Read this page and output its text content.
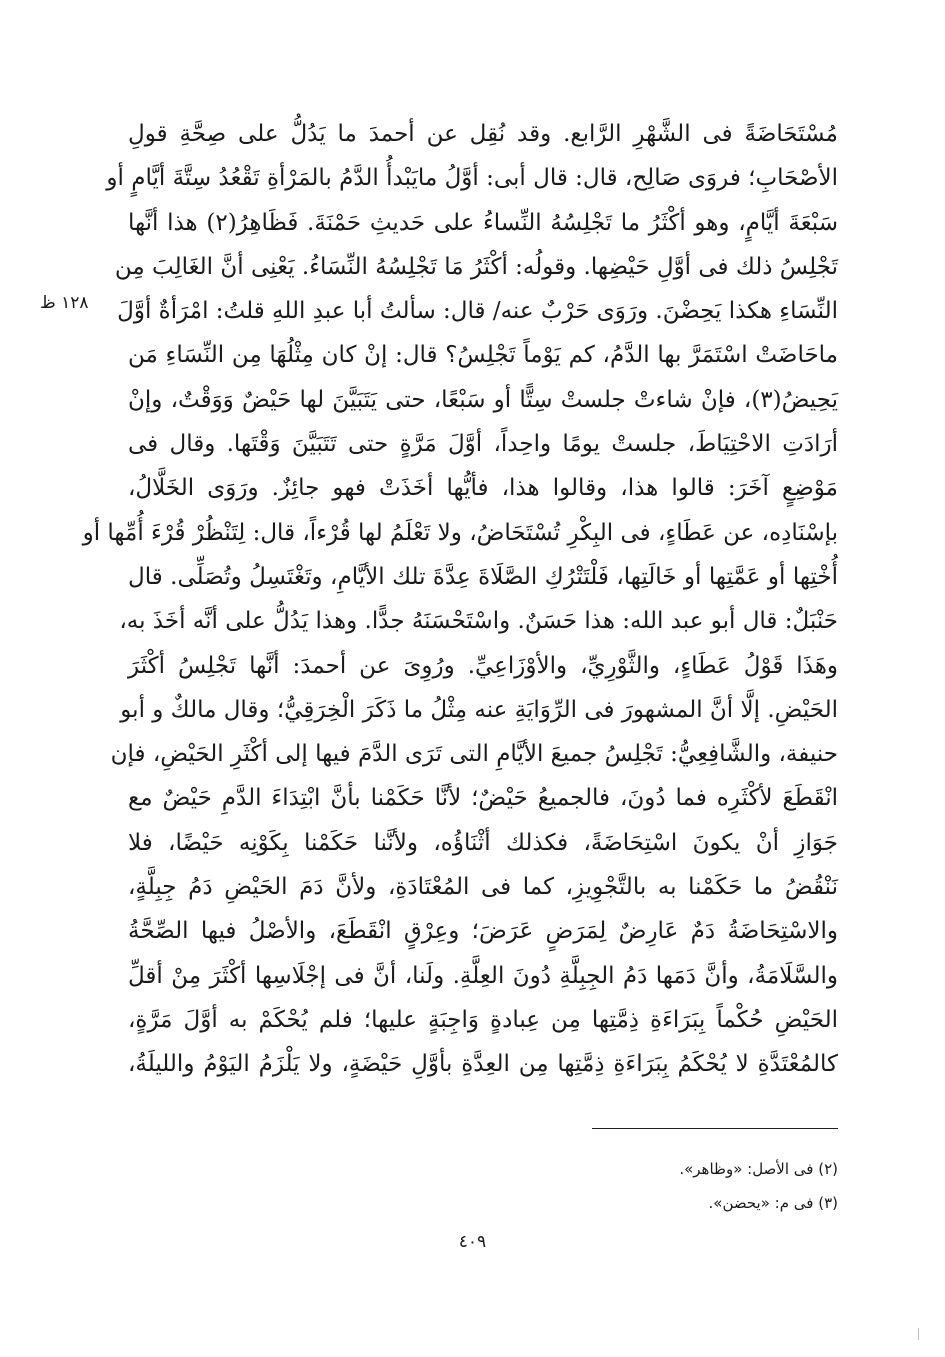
مُسْتَحَاضَةً فى الشَّهْرِ الرَّابع. وقد نُقِل عن أحمدَ ما يَدُلُّ على صِحَّةِ قولِ
الأصْحَابِ؛ فروَى صَالِح، قال: قال أبى: أوَّلُ مايَبْدأُ الدَّمُ بالمَرْأةِ تَقْعُدُ سِتَّةَ أيَّامٍ أو
سَبْعَةَ أيَّامٍ، وهو أكْثَرُ ما تَجْلِسُهُ النِّساءُ على حَديثِ حَمْنَةَ. فَظَاهِرُ(٢) هذا أنَّها
تَجْلِسُ ذلك فى أوَّلِ حَيْضِها. وقولُه: أكْثَرُ مَا تَجْلِسُهُ النِّسَاءُ. يَعْنِى أنَّ الغَالِبَ مِن
النِّسَاءِ هكذا يَحِضْنَ. ورَوَى حَرْبٌ عنه/ قال: سألتُ أبا عبدِ اللهِ قلتُ: امْرَأةٌ أوَّلَ
ماحَاضَتْ اسْتَمَرَّ بها الدَّمُ، كم يَوْماً تَجْلِسُ؟ قال: إنْ كان مِثْلُهَا مِن النِّسَاءِ مَن
يَحِيضُ(٣)، فإنْ شاءتْ جلستْ سِتًّا أو سَبْعًا، حتى يَتَبَيَّنَ لها حَيْضٌ وَوَقْتٌ، وإنْ
أرَادَتِ الاحْتِيَاطَ، جلستْ يومًا واحِداً، أوَّلَ مَرَّةٍ حتى تَتَبَيَّنَ وَقْتَها. وقال فى
مَوْضِعٍ آخَرَ: قالوا هذا، وقالوا هذا، فأيُّها أخَذَتْ فهو جائِزٌ. ورَوَى الخَلَّالُ،
بإسْنَادِه، عن عَطَاءٍ، فى البِكْرِ تُسْتَحَاضُ، ولا تَعْلَمُ لها قُرْءاً، قال: لِتَنْظُرْ قُرْءَ أُمِّها أو
أُخْتِها أو عَمَّتِها أو خَالَتِها، فَلْتَتْرُكِ الصَّلَاةَ عِدَّةَ تلك الأيَّامِ، وتَغْتَسِلُ وتُصَلِّى. قال
حَنْبَلٌ: قال أبو عبد الله: هذا حَسَنٌ. واسْتَحْسَنَهُ جدًّا. وهذا يَدُلُّ على أنَّه أخَذَ به،
وهَذَا قَوْلُ عَطَاءٍ، والثَّوْرِيِّ، والأوْزَاعِيِّ. ورُوِىَ عن أحمدَ: أنَّها تَجْلِسُ أكْثَرَ
الحَيْضِ. إلَّا أنَّ المشهورَ فى الرِّوَايَةِ عنه مِثْلُ ما ذَكَرَ الْخِرَقِيُّ؛ وقال مالكٌ و أبو
حنيفة، والشَّافِعِيُّ: تَجْلِسُ جميعَ الأيَّامِ التى تَرَى الدَّمَ فيها إلى أكْثَرِ الحَيْضِ، فإن
انْقَطَعَ لأكْثَرِه فما دُونَ، فالجميعُ حَيْضٌ؛ لأنَّا حَكَمْنا بأنَّ ابْتِدَاءَ الدَّمِ حَيْضٌ مع
جَوَازِ أنْ يكونَ اسْتِحَاضَةً، فكذلك أثْنَاؤُه، ولأنَّنا حَكَمْنا بِكَوْنِه حَيْضًا، فلا
نَنْقُضُ ما حَكَمْنا به بالتَّجْوِيزِ، كما فى المُعْتَادَةِ، ولأنَّ دَمَ الحَيْضِ دَمُ جِبِلَّةٍ،
والاسْتِحَاضَةُ دَمٌ عَارِضٌ لِمَرَضٍ عَرَضَ؛ وعِرْقٍ انْقَطَعَ، والأصْلُ فيها الصِّحَّةُ
والسَّلَامَةُ، وأنَّ دَمَها دَمُ الجِبِلَّةِ دُونَ العِلَّةِ. ولَنا، أنَّ فى إجْلَاسِها أكْثَرَ مِنْ أقلِّ
الحَيْضِ حُكْماً بِبَرَاءَةِ ذِمَّتِها مِن عِبادةٍ وَاجِبَةٍ عليها؛ فلم يُحْكَمْ به أوَّلَ مَرَّةٍ،
كالمُعْتَدَّةِ لا يُحْكَمُ بِبَرَاءَةِ ذِمَّتِها مِن العِدَّةِ بأوَّلِ حَيْضَةٍ، ولا يَلْزَمُ اليَوْمُ والليلَةُ،
١٢٨ ظ
(٢) فى الأصل: «وظاهر».
(٣) فى م: «يحضن».
٤٠٩
